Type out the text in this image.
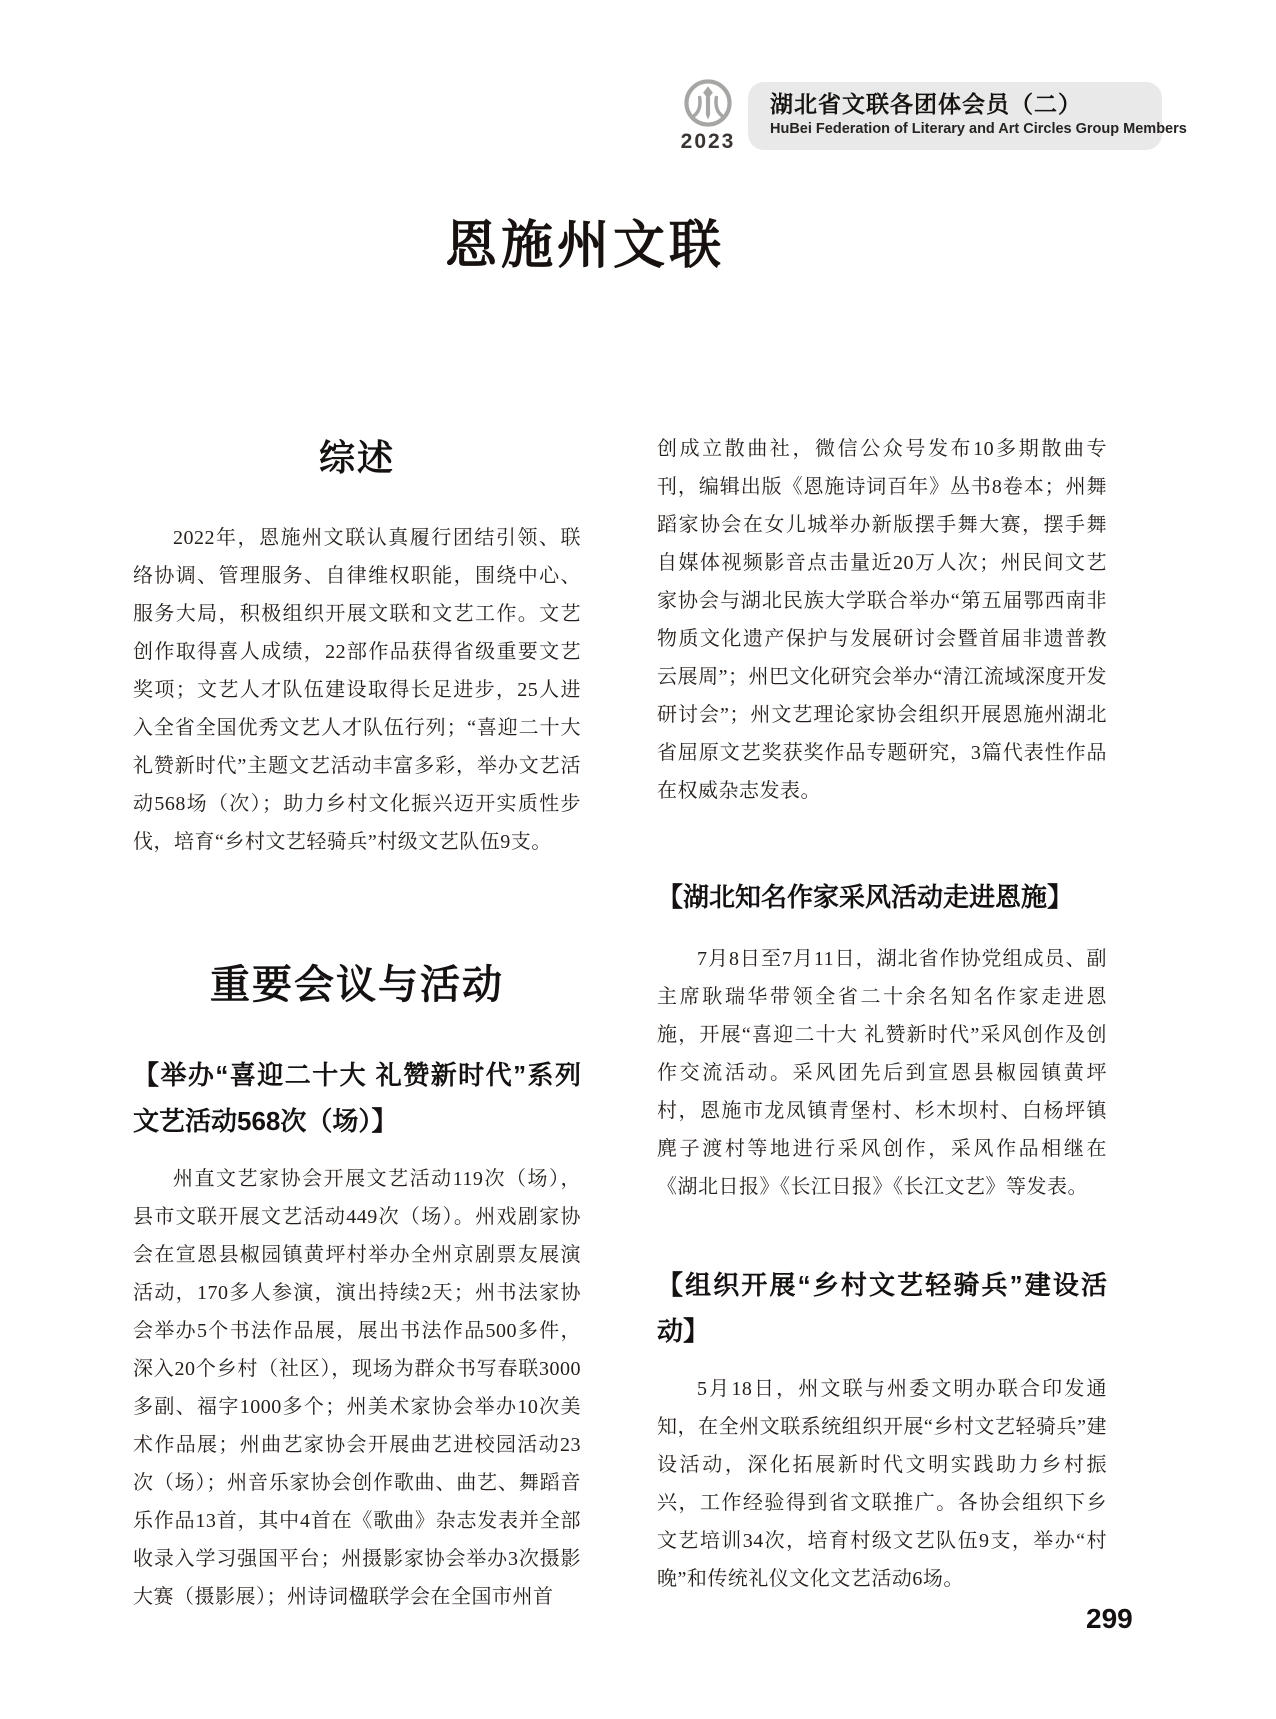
2023
湖北省文联各团体会员（二）
HuBei Federation of Literary and Art Circles Group Members
恩施州文联
综述

2022年，恩施州文联认真履行团结引领、联络协调、管理服务、自律维权职能，围绕中心、服务大局，积极组织开展文联和文艺工作。文艺创作取得喜人成绩，22部作品获得省级重要文艺奖项；文艺人才队伍建设取得长足进步，25人进入全省全国优秀文艺人才队伍行列；“喜迎二十大 礼赞新时代”主题文艺活动丰富多彩，举办文艺活动568场（次）；助力乡村文化振兴迈开实质性步伐，培育“乡村文艺轻骑兵”村级文艺队伍9支。

重要会议与活动
【举办“喜迎二十大 礼赞新时代”系列文艺活动568次（场）】

州直文艺家协会开展文艺活动119次（场），县市文联开展文艺活动449次（场）。州戏剧家协会在宣恩县椒园镇黄坪村举办全州京剧票友展演活动，170多人参演，演出持续2天；州书法家协会举办5个书法作品展，展出书法作品500多件，深入20个乡村（社区），现场为群众书写春联3000多副、福字1000多个；州美术家协会举办10次美术作品展；州曲艺家协会开展曲艺进校园活动23次（场）；州音乐家协会创作歌曲、曲艺、舞蹈音乐作品13首，其中4首在《歌曲》杂志发表并全部收录入学习强国平台；州摄影家协会举办3次摄影大赛（摄影展）；州诗词楹联学会在全国市州首

创成立散曲社，微信公众号发布10多期散曲专刊，编辑出版《恩施诗词百年》丛书8卷本；州舞蹈家协会在女儿城举办新版摆手舞大赛，摆手舞自媒体视频影音点击量近20万人次；州民间文艺家协会与湖北民族大学联合举办“第五届鄂西南非物质文化遗产保护与发展研讨会暨首届非遗普教云展周”；州巴文化研究会举办“清江流域深度开发研讨会”；州文艺理论家协会组织开展恩施州湖北省屈原文艺奖获奖作品专题研究，3篇代表性作品在权威杂志发表。

【湖北知名作家采风活动走进恩施】

7月8日至7月11日，湖北省作协党组成员、副主席耿瑞华带领全省二十余名知名作家走进恩施，开展“喜迎二十大 礼赞新时代”采风创作及创作交流活动。采风团先后到宣恩县椒园镇黄坪村，恩施市龙凤镇青堡村、杉木坝村、白杨坪镇麂子渡村等地进行采风创作，采风作品相继在《湖北日报》《长江日报》《长江文艺》等发表。

【组织开展“乡村文艺轻骑兵”建设活动】

5月18日，州文联与州委文明办联合印发通知，在全州文联系统组织开展“乡村文艺轻骑兵”建设活动，深化拓展新时代文明实践助力乡村振兴，工作经验得到省文联推广。各协会组织下乡文艺培训34次，培育村级文艺队伍9支，举办“村晚”和传统礼仪文化文艺活动6场。

299
